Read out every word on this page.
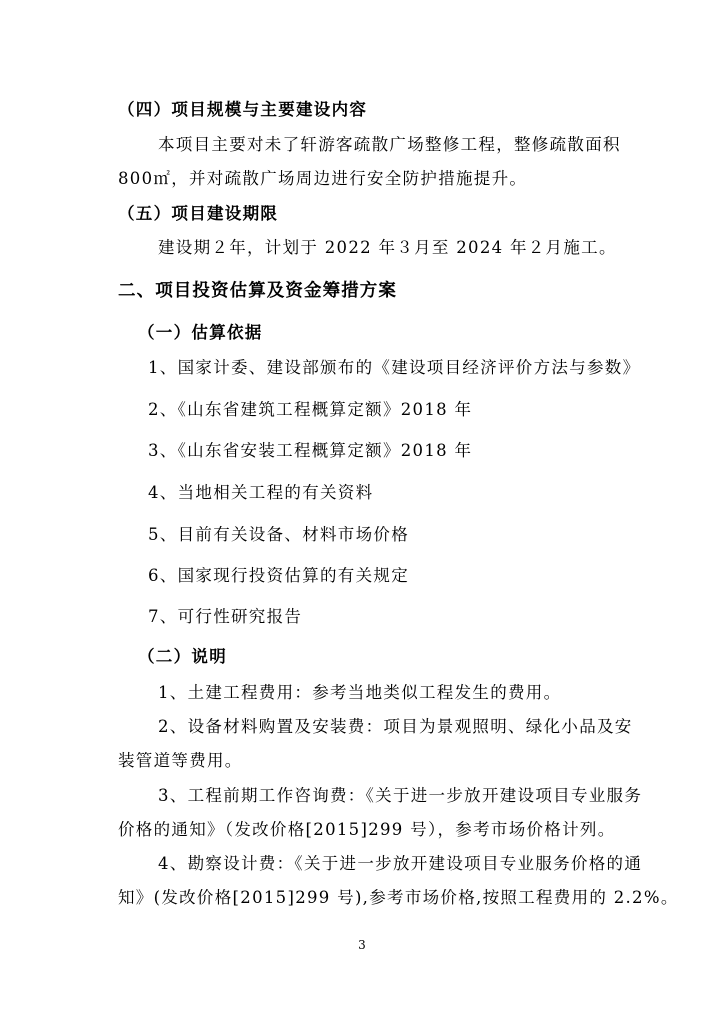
（四）项目规模与主要建设内容
本项目主要对未了轩游客疏散广场整修工程，整修疏散面积
800㎡，并对疏散广场周边进行安全防护措施提升。
（五）项目建设期限
建设期２年，计划于 2022 年３月至 2024 年２月施工。
二、项目投资估算及资金筹措方案
（一）估算依据
1、国家计委、建设部颁布的《建设项目经济评价方法与参数》
2、《山东省建筑工程概算定额》2018 年
3、《山东省安装工程概算定额》2018 年
4、当地相关工程的有关资料
5、目前有关设备、材料市场价格
6、国家现行投资估算的有关规定
7、可行性研究报告
（二）说明
1、土建工程费用：参考当地类似工程发生的费用。
2、设备材料购置及安装费：项目为景观照明、绿化小品及安
装管道等费用。
3、工程前期工作咨询费：《关于进一步放开建设项目专业服务
价格的通知》（发改价格[2015]299 号），参考市场价格计列。
4、勘察设计费：《关于进一步放开建设项目专业服务价格的通
知》(发改价格[2015]299 号),参考市场价格,按照工程费用的 2.2%。
3
